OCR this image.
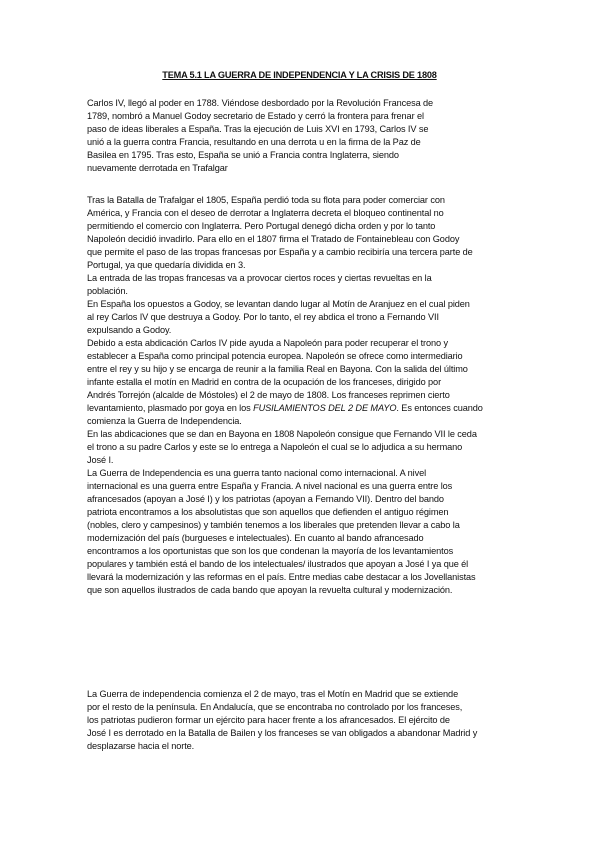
TEMA 5.1 LA GUERRA DE INDEPENDENCIA Y LA CRISIS DE 1808

Carlos IV, llegó al poder en 1788. Viéndose desbordado por la Revolución Francesa de
1789, nombró a Manuel Godoy secretario de Estado y cerró la frontera para frenar el
paso de ideas liberales a España. Tras la ejecución de Luis XVI en 1793, Carlos IV se
unió a la guerra contra Francia, resultando en una derrota u en la firma de la Paz de
Basilea en 1795. Tras esto, España se unió a Francia contra Inglaterra, siendo
nuevamente derrotada en Trafalgar

Tras la Batalla de Trafalgar el 1805, España perdió toda su flota para poder comerciar con
América, y Francia con el deseo de derrotar a Inglaterra decreta el bloqueo continental no
permitiendo el comercio con Inglaterra. Pero Portugal denegó dicha orden y por lo tanto
Napoleón decidió invadirlo. Para ello en el 1807 firma el Tratado de Fontainebleau con Godoy
que permite el paso de las tropas francesas por España y a cambio recibiría una tercera parte de
Portugal, ya que quedaría dividida en 3.

La entrada de las tropas francesas va a provocar ciertos roces y ciertas revueltas en la
población.

En España los opuestos a Godoy, se levantan dando lugar al Motín de Aranjuez en el cual piden
al rey Carlos IV que destruya a Godoy. Por lo tanto, el rey abdica el trono a Fernando VII
expulsando a Godoy.

Debido a esta abdicación Carlos IV pide ayuda a Napoleón para poder recuperar el trono y
establecer a España como principal potencia europea. Napoleón se ofrece como intermediario
entre el rey y su hijo y se encarga de reunir a la familia Real en Bayona. Con la salida del último
infante estalla el motín en Madrid en contra de la ocupación de los franceses, dirigido por
Andrés Torrejón (alcalde de Móstoles) el 2 de mayo de 1808. Los franceses reprimen cierto
levantamiento, plasmado por goya en los FUSILAMIENTOS DEL 2 DE MAYO. Es entonces cuando
comienza la Guerra de Independencia.

En las abdicaciones que se dan en Bayona en 1808 Napoleón consigue que Fernando VII le ceda
el trono a su padre Carlos y este se lo entrega a Napoleón el cual se lo adjudica a su hermano
José I.

La Guerra de Independencia es una guerra tanto nacional como internacional. A nivel
internacional es una guerra entre España y Francia. A nivel nacional es una guerra entre los
afrancesados (apoyan a José I) y los patriotas (apoyan a Fernando VII). Dentro del bando
patriota encontramos a los absolutistas que son aquellos que defienden el antiguo régimen
(nobles, clero y campesinos) y también tenemos a los liberales que pretenden llevar a cabo la
modernización del país (burgueses e intelectuales). En cuanto al bando afrancesado
encontramos a los oportunistas que son los que condenan la mayoría de los levantamientos
populares y también está el bando de los intelectuales/ ilustrados que apoyan a José I ya que él
llevará la modernización y las reformas en el país. Entre medias cabe destacar a los Jovellanistas
que son aquellos ilustrados de cada bando que apoyan la revuelta cultural y modernización.

La Guerra de independencia comienza el 2 de mayo, tras el Motín en Madrid que se extiende
por el resto de la península. En Andalucía, que se encontraba no controlado por los franceses,
los patriotas pudieron formar un ejército para hacer frente a los afrancesados. El ejército de
José I es derrotado en la Batalla de Bailen y los franceses se van obligados a abandonar Madrid y
desplazarse hacia el norte.
